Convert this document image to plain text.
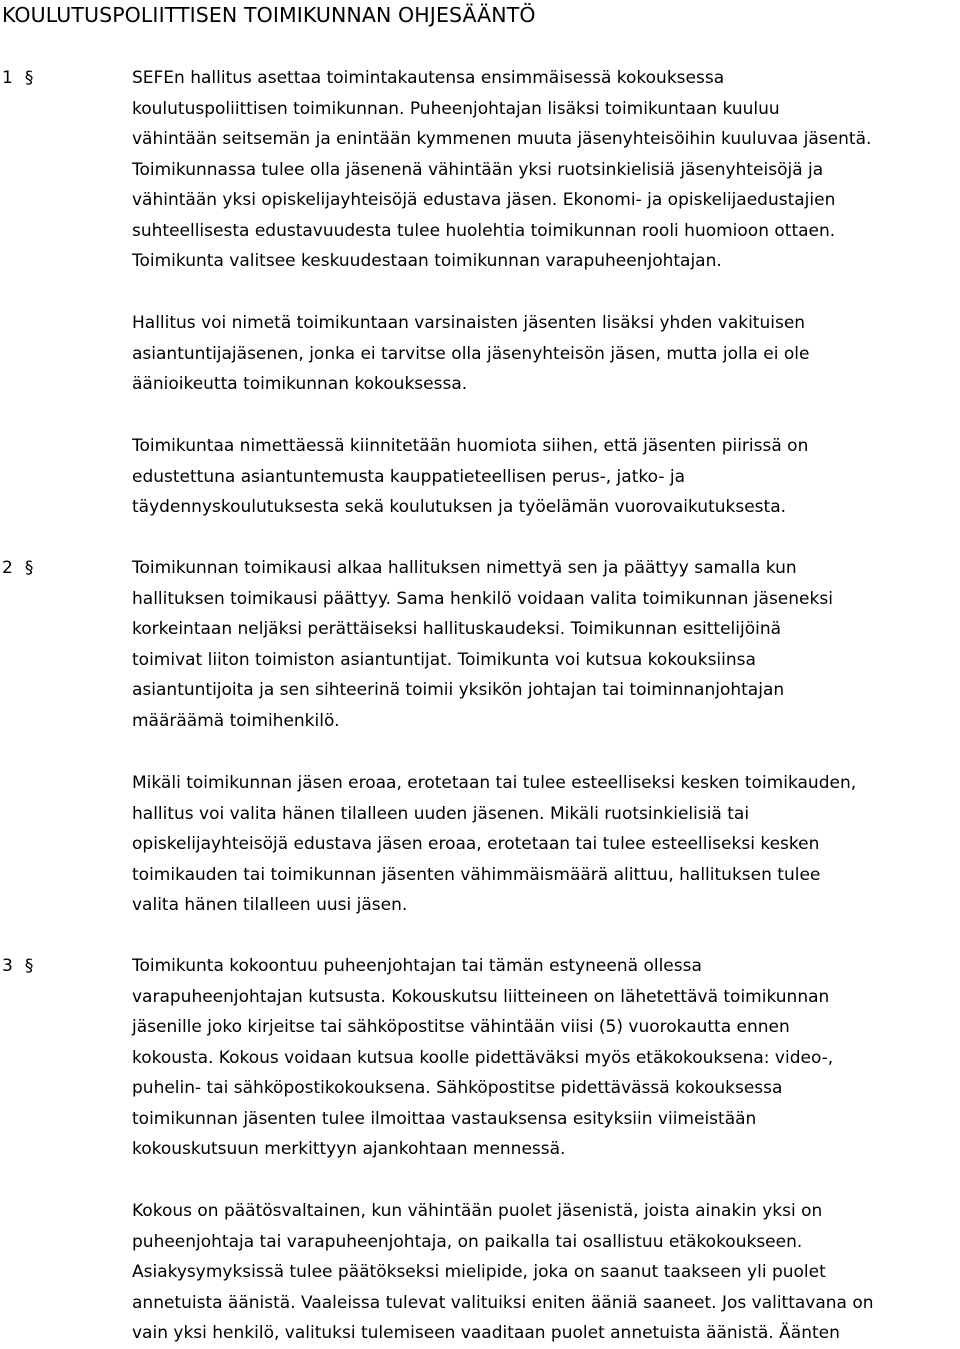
KOULUTUSPOLIITTISEN TOIMIKUNNAN OHJESÄÄNTÖ
1 §	SEFEn hallitus asettaa toimintakautensa ensimmäisessä kokouksessa
koulutuspoliittisen toimikunnan. Puheenjohtajan lisäksi toimikuntaan kuuluu
vähintään seitsemän ja enintään kymmenen muuta jäsenyhteisöihin kuuluvaa jäsentä.
Toimikunnassa tulee olla jäsenenä vähintään yksi ruotsinkielisiä jäsenyhteisöjä ja
vähintään yksi opiskelijayhteisöjä edustava jäsen. Ekonomi- ja opiskelijaedustajien
suhteellisesta edustavuudesta tulee huolehtia toimikunnan rooli huomioon ottaen.
Toimikunta valitsee keskuudestaan toimikunnan varapuheenjohtajan.

Hallitus voi nimetä toimikuntaan varsinaisten jäsenten lisäksi yhden vakituisen
asiantuntijajäsenen, jonka ei tarvitse olla jäsenyhteisön jäsen, mutta jolla ei ole
äänioikeutta toimikunnan kokouksessa.

Toimikuntaa nimettäessä kiinnitetään huomiota siihen, että jäsenten piirissä on
edustettuna asiantuntemusta kauppatieteellisen perus-, jatko- ja
täydennyskoulutuksesta sekä koulutuksen ja työelämän vuorovaikutuksesta.

2 §	Toimikunnan toimikausi alkaa hallituksen nimettyä sen ja päättyy samalla kun
hallituksen toimikausi päättyy. Sama henkilö voidaan valita toimikunnan jäseneksi
korkeintaan neljäksi perättäiseksi hallituskaudeksi. Toimikunnan esittelijöinä
toimivat liiton toimiston asiantuntijat. Toimikunta voi kutsua kokouksiinsa
asiantuntijoita ja sen sihteerinä toimii yksikön johtajan tai toiminnanjohtajan
määräämä toimihenkilö.

Mikäli toimikunnan jäsen eroaa, erotetaan tai tulee esteelliseksi kesken toimikauden,
hallitus voi valita hänen tilalleen uuden jäsenen. Mikäli ruotsinkielisiä tai
opiskelijayhteisöjä edustava jäsen eroaa, erotetaan tai tulee esteelliseksi kesken
toimikauden tai toimikunnan jäsenten vähimmäismäärä alittuu, hallituksen tulee
valita hänen tilalleen uusi jäsen.

3 §	Toimikunta kokoontuu puheenjohtajan tai tämän estyneenä ollessa
varapuheenjohtajan kutsusta. Kokouskutsu liitteineen on lähetettävä toimikunnan
jäsenille joko kirjeitse tai sähköpostitse vähintään viisi (5) vuorokautta ennen
kokousta. Kokous voidaan kutsua koolle pidettäväksi myös etäkokouksena: video-,
puhelin- tai sähköpostikokouksena. Sähköpostitse pidettävässä kokouksessa
toimikunnan jäsenten tulee ilmoittaa vastauksensa esityksiin viimeistään
kokouskutsuun merkittyyn ajankohtaan mennessä.

Kokous on päätösvaltainen, kun vähintään puolet jäsenistä, joista ainakin yksi on
puheenjohtaja tai varapuheenjohtaja, on paikalla tai osallistuu etäkokoukseen.
Asiakysymyksissä tulee päätökseksi mielipide, joka on saanut taakseen yli puolet
annetuista äänistä. Vaaleissa tulevat valituiksi eniten ääniä saaneet. Jos valittavana on
vain yksi henkilö, valituksi tulemiseen vaaditaan puolet annetuista äänistä. Äänten
